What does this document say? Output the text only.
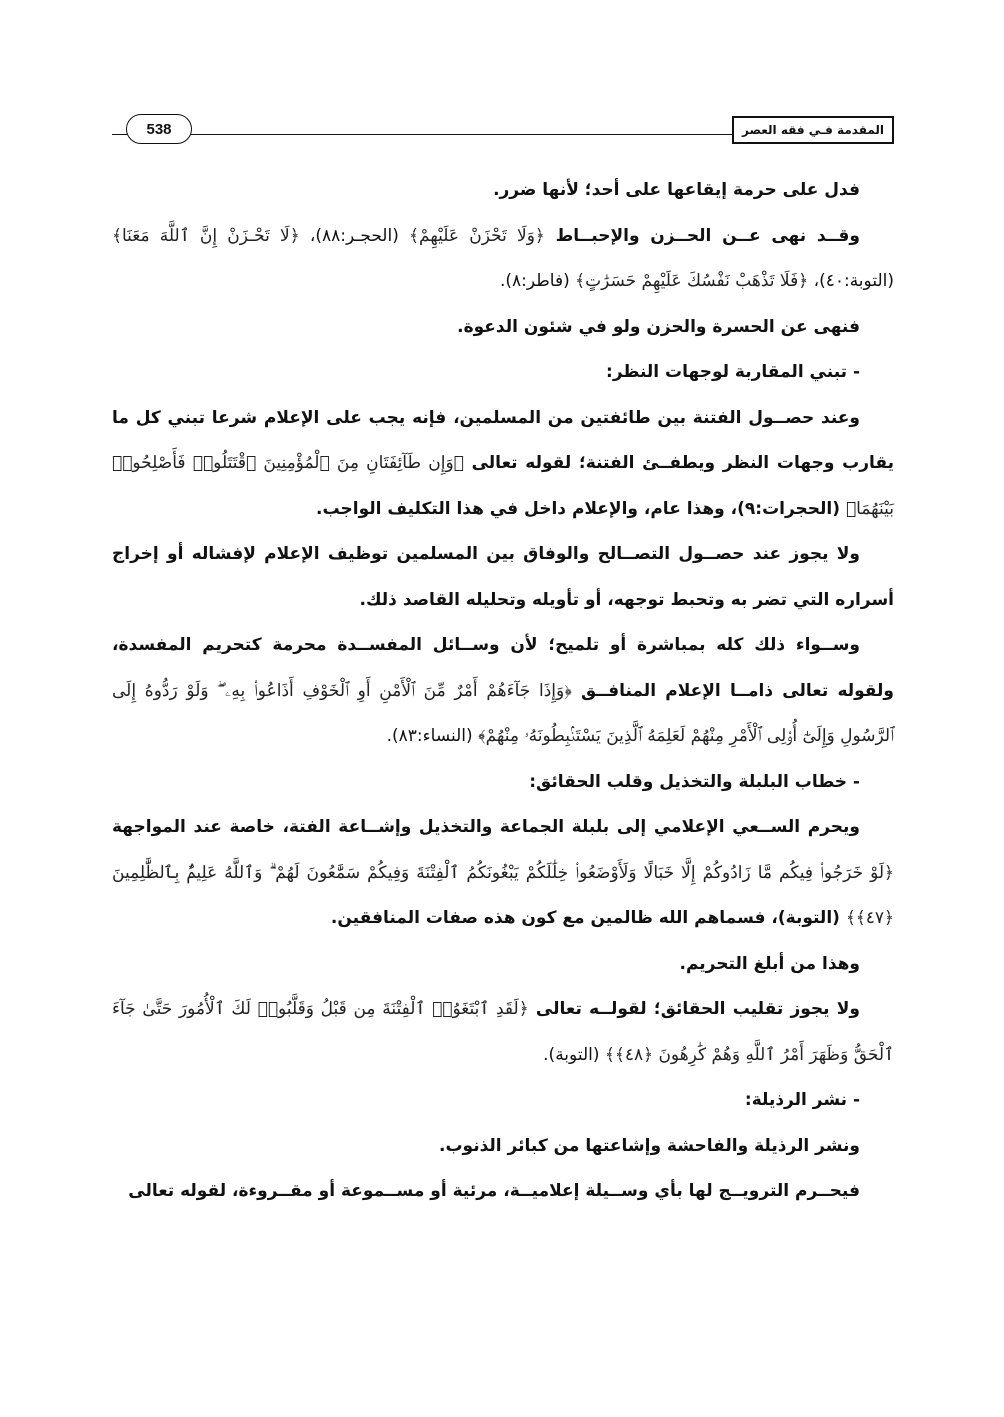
المقدمة فـي فقه العصر
538

فدل على حرمة إيقاعها على أحد؛ لأنها ضرر.

وقــد نهى عــن الحــزن والإحبــاط ﴿وَلَا تَحْزَنْ عَلَيْهِمْ﴾ (الحجـر:٨٨)، ﴿لَا تَحْـزَنْ إِنَّ ٱللَّهَ مَعَنَا﴾ (التوبة:٤٠)، ﴿فَلَا تَذْهَبْ نَفْسُكَ عَلَيْهِمْ حَسَرَٰتٍ﴾ (فاطر:٨).

فنهى عن الحسرة والحزن ولو في شئون الدعوة.

- تبني المقاربة لوجهات النظر:

وعند حصــول الفتنة بين طائفتين من المسلمين، فإنه يجب على الإعلام شرعا تبني كل ما يقارب وجهات النظر ويطفــئ الفتنة؛ لقوله تعالى ﴿وَإِن طَآئِفَتَانِ مِنَ ٱلْمُؤْمِنِينَ ٱقْتَتَلُوا۟ فَأَصْلِحُوا۟ بَيْنَهُمَا﴾ (الحجرات:٩)، وهذا عام، والإعلام داخل في هذا التكليف الواجب.

ولا يجوز عند حصــول التصــالح والوفاق بين المسلمين توظيف الإعلام لإفشاله أو إخراج أسراره التي تضر به وتحبط توجهه، أو تأويله وتحليله القاصد ذلك.

وســواء ذلك كله بمباشرة أو تلميح؛ لأن وســائل المفســدة محرمة كتحريم المفسدة، ولقوله تعالى ذامــا الإعلام المنافــق ﴿وَإِذَا جَآءَهُمْ أَمْرٌ مِّنَ ٱلْأَمْنِ أَوِ ٱلْخَوْفِ أَذَاعُوا۟ بِهِۦ ۖ وَلَوْ رَدُّوهُ إِلَى ٱلرَّسُولِ وَإِلَىٰٓ أُو۟لِى ٱلْأَمْرِ مِنْهُمْ لَعَلِمَهُ ٱلَّذِينَ يَسْتَنۢبِطُونَهُۥ مِنْهُمْ﴾ (النساء:٨٣).

- خطاب البلبلة والتخذيل وقلب الحقائق:

ويحرم الســعي الإعلامي إلى بلبلة الجماعة والتخذيل وإشــاعة الفتة، خاصة عند المواجهة ﴿لَوْ خَرَجُوا۟ فِيكُم مَّا زَادُوكُمْ إِلَّا خَبَالًا وَلَأَوْضَعُوا۟ خِلَٰلَكُمْ يَبْغُونَكُمُ ٱلْفِتْنَةَ وَفِيكُمْ سَمَّٰعُونَ لَهُمْ ۗ وَٱللَّهُ عَلِيمٌۢ بِٱلظَّٰلِمِينَ ﴿٤٧﴾﴾ (التوبة)، فسماهم الله ظالمين مع كون هذه صفات المنافقين.

وهذا من أبلغ التحريم.

ولا يجوز تقليب الحقائق؛ لقولــه تعالى ﴿لَقَدِ ٱبْتَغَوُا۟ ٱلْفِتْنَةَ مِن قَبْلُ وَقَلَّبُوا۟ لَكَ ٱلْأُمُورَ حَتَّىٰ جَآءَ ٱلْحَقُّ وَظَهَرَ أَمْرُ ٱللَّهِ وَهُمْ كَٰرِهُونَ ﴿٤٨﴾﴾ (التوبة).

- نشر الرذيلة:

ونشر الرذيلة والفاحشة وإشاعتها من كبائر الذنوب.

فيحــرم الترويــج لها بأي وســيلة إعلاميــة، مرئية أو مســموعة أو مقــروءة، لقوله تعالى
